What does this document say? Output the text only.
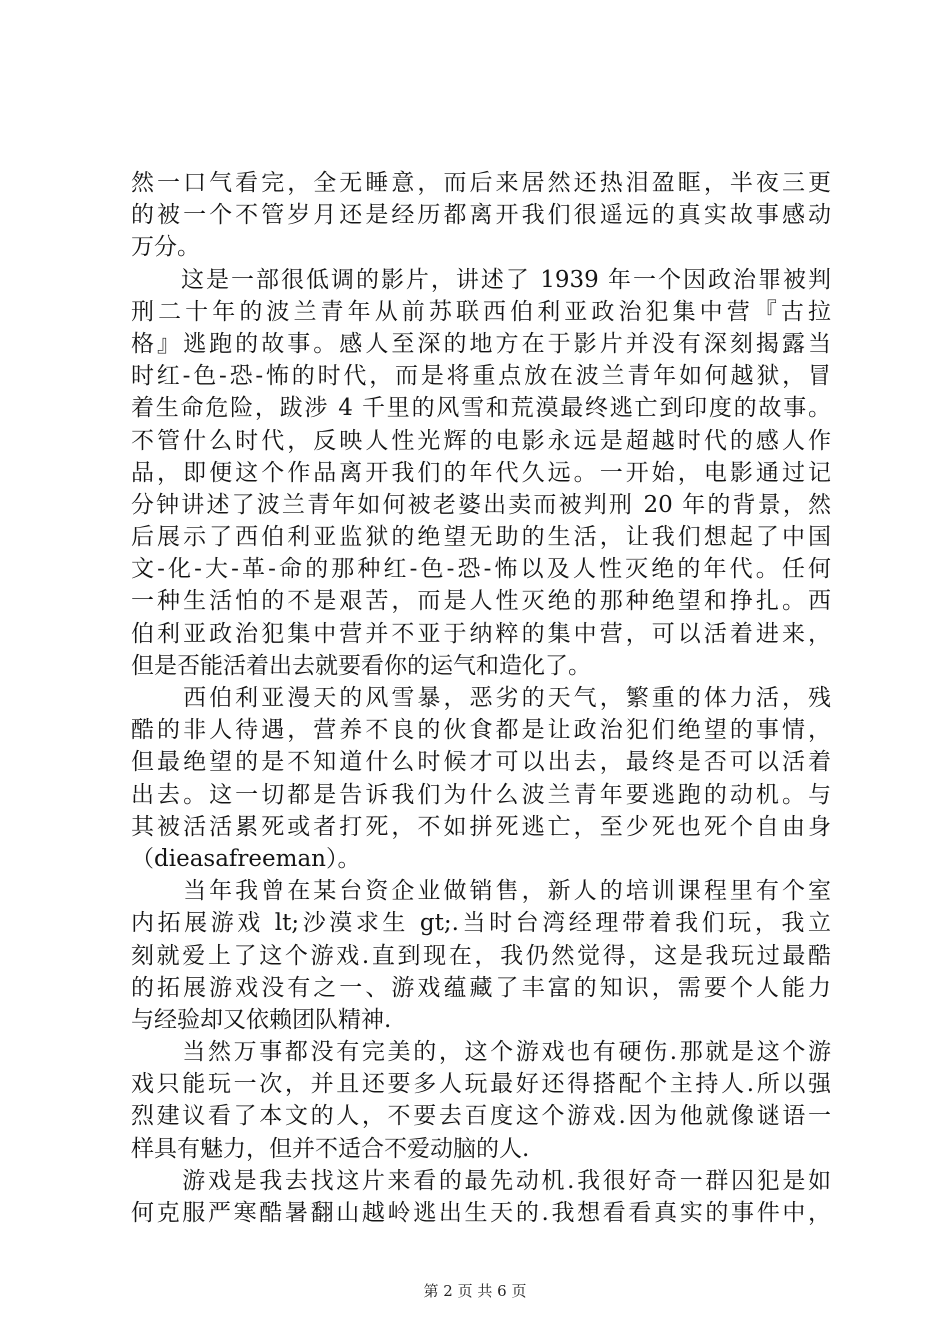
然一口气看完，全无睡意，而后来居然还热泪盈眶，半夜三更
的被一个不管岁月还是经历都离开我们很遥远的真实故事感动
万分。
　　这是一部很低调的影片，讲述了 1939 年一个因政治罪被判
刑二十年的波兰青年从前苏联西伯利亚政治犯集中营『古拉
格』逃跑的故事。感人至深的地方在于影片并没有深刻揭露当
时红-色-恐-怖的时代，而是将重点放在波兰青年如何越狱，冒
着生命危险，跋涉 4 千里的风雪和荒漠最终逃亡到印度的故事。
不管什么时代，反映人性光辉的电影永远是超越时代的感人作
品，即便这个作品离开我们的年代久远。一开始，电影通过记
分钟讲述了波兰青年如何被老婆出卖而被判刑 20 年的背景，然
后展示了西伯利亚监狱的绝望无助的生活，让我们想起了中国
文-化-大-革-命的那种红-色-恐-怖以及人性灭绝的年代。任何
一种生活怕的不是艰苦，而是人性灭绝的那种绝望和挣扎。西
伯利亚政治犯集中营并不亚于纳粹的集中营，可以活着进来，
但是否能活着出去就要看你的运气和造化了。
　　西伯利亚漫天的风雪暴，恶劣的天气，繁重的体力活，残
酷的非人待遇，营养不良的伙食都是让政治犯们绝望的事情，
但最绝望的是不知道什么时候才可以出去，最终是否可以活着
出去。这一切都是告诉我们为什么波兰青年要逃跑的动机。与
其被活活累死或者打死，不如拼死逃亡，至少死也死个自由身
（dieasafreeman）。
　　当年我曾在某台资企业做销售，新人的培训课程里有个室
内拓展游戏 lt;沙漠求生 gt;.当时台湾经理带着我们玩，我立
刻就爱上了这个游戏.直到现在，我仍然觉得，这是我玩过最酷
的拓展游戏没有之一、游戏蕴藏了丰富的知识，需要个人能力
与经验却又依赖团队精神.
　　当然万事都没有完美的，这个游戏也有硬伤.那就是这个游
戏只能玩一次，并且还要多人玩最好还得搭配个主持人.所以强
烈建议看了本文的人，不要去百度这个游戏.因为他就像谜语一
样具有魅力，但并不适合不爱动脑的人.
　　游戏是我去找这片来看的最先动机.我很好奇一群囚犯是如
何克服严寒酷暑翻山越岭逃出生天的.我想看看真实的事件中，
第 2 页 共 6 页
